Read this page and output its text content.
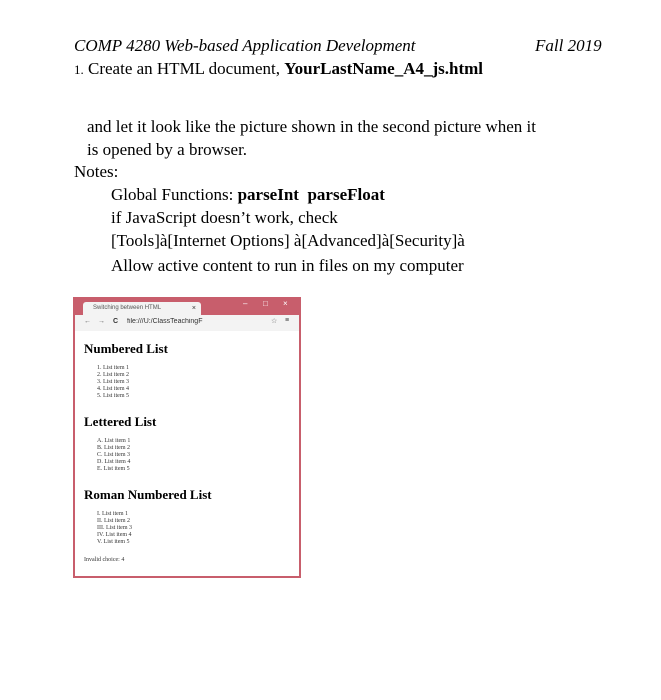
COMP 4280 Web-based Application Development	Fall 2019
1. Create an HTML document, YourLastName_A4_js.html
and let it look like the picture shown in the second picture when it
is opened by a browser.
Notes:
Global Functions: parseInt parseFloat
if JavaScript doesn’t work, check
[Tools]à[Internet Options] à[Advanced]à[Security]à
Allow active content to run in files on my computer
Switching between HTML	×
– □ ×
← → C file:///U:/ClassTeachingF	☆ ≡
Numbered List
1. List item 1
2. List item 2
3. List item 3
4. List item 4
5. List item 5
Lettered List
A. List item 1
B. List item 2
C. List item 3
D. List item 4
E. List item 5
Roman Numbered List
I. List item 1
II. List item 2
III. List item 3
IV. List item 4
V. List item 5
Invalid choice: 4
